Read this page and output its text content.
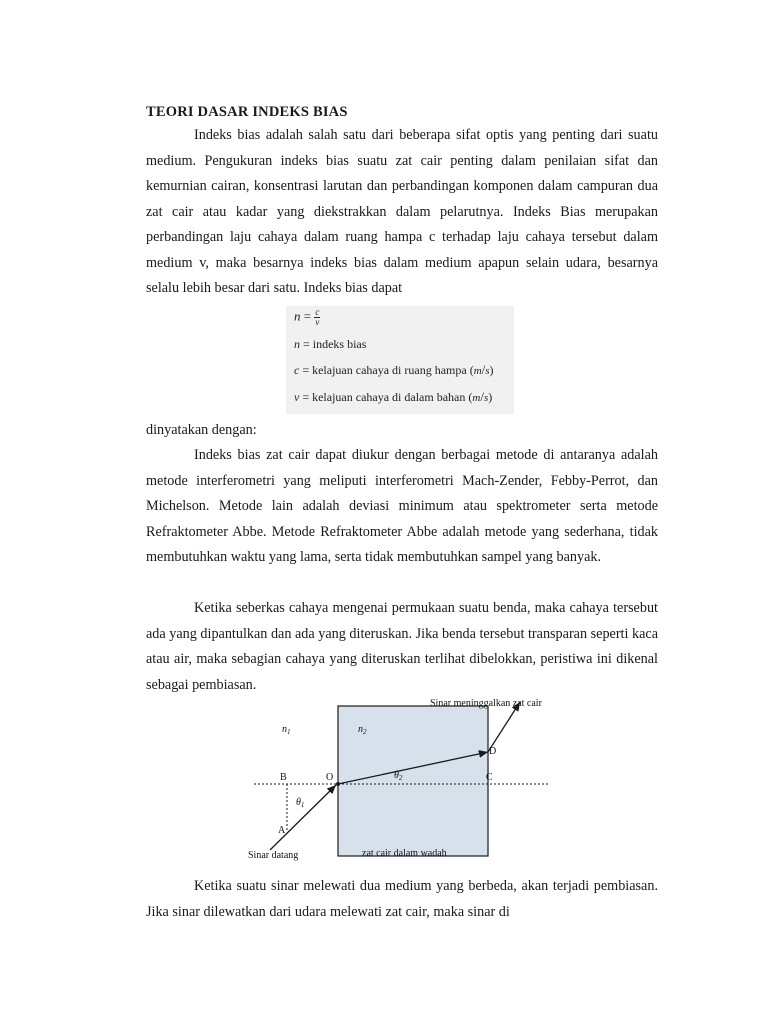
TEORI DASAR INDEKS BIAS

Indeks bias adalah salah satu dari beberapa sifat optis yang penting dari suatu medium. Pengukuran indeks bias suatu zat cair penting dalam penilaian sifat dan kemurnian cairan, konsentrasi larutan dan perbandingan komponen dalam campuran dua zat cair atau kadar yang diekstrakkan dalam pelarutnya. Indeks Bias merupakan perbandingan laju cahaya dalam ruang hampa c terhadap laju cahaya tersebut dalam medium v, maka besarnya indeks bias dalam medium apapun selain udara, besarnya selalu lebih besar dari satu. Indeks bias dapat

$n = \frac{c}{v}$
n = indeks bias
c = kelajuan cahaya di ruang hampa (m/s)
v = kelajuan cahaya di dalam bahan (m/s)

dinyatakan dengan:

Indeks bias zat cair dapat diukur dengan berbagai metode di antaranya adalah metode interferometri yang meliputi interferometri Mach-Zender, Febby-Perrot, dan Michelson. Metode lain adalah deviasi minimum atau spektrometer serta metode Refraktometer Abbe. Metode Refraktometer Abbe adalah metode yang sederhana, tidak membutuhkan waktu yang lama, serta tidak membutuhkan sampel yang banyak.

Ketika seberkas cahaya mengenai permukaan suatu benda, maka cahaya tersebut ada yang dipantulkan dan ada yang diteruskan. Jika benda tersebut transparan seperti kaca atau air, maka sebagian cahaya yang diteruskan terlihat dibelokkan, peristiwa ini dikenal sebagai pembiasan.

$n_1$	$n_2$
Sinar meninggalkan zat cair
D
B	O	C
A
$\theta_1$
$\theta_2$
Sinar datang	zat cair dalam wadah

Ketika suatu sinar melewati dua medium yang berbeda, akan terjadi pembiasan. Jika sinar dilewatkan dari udara melewati zat cair, maka sinar di
